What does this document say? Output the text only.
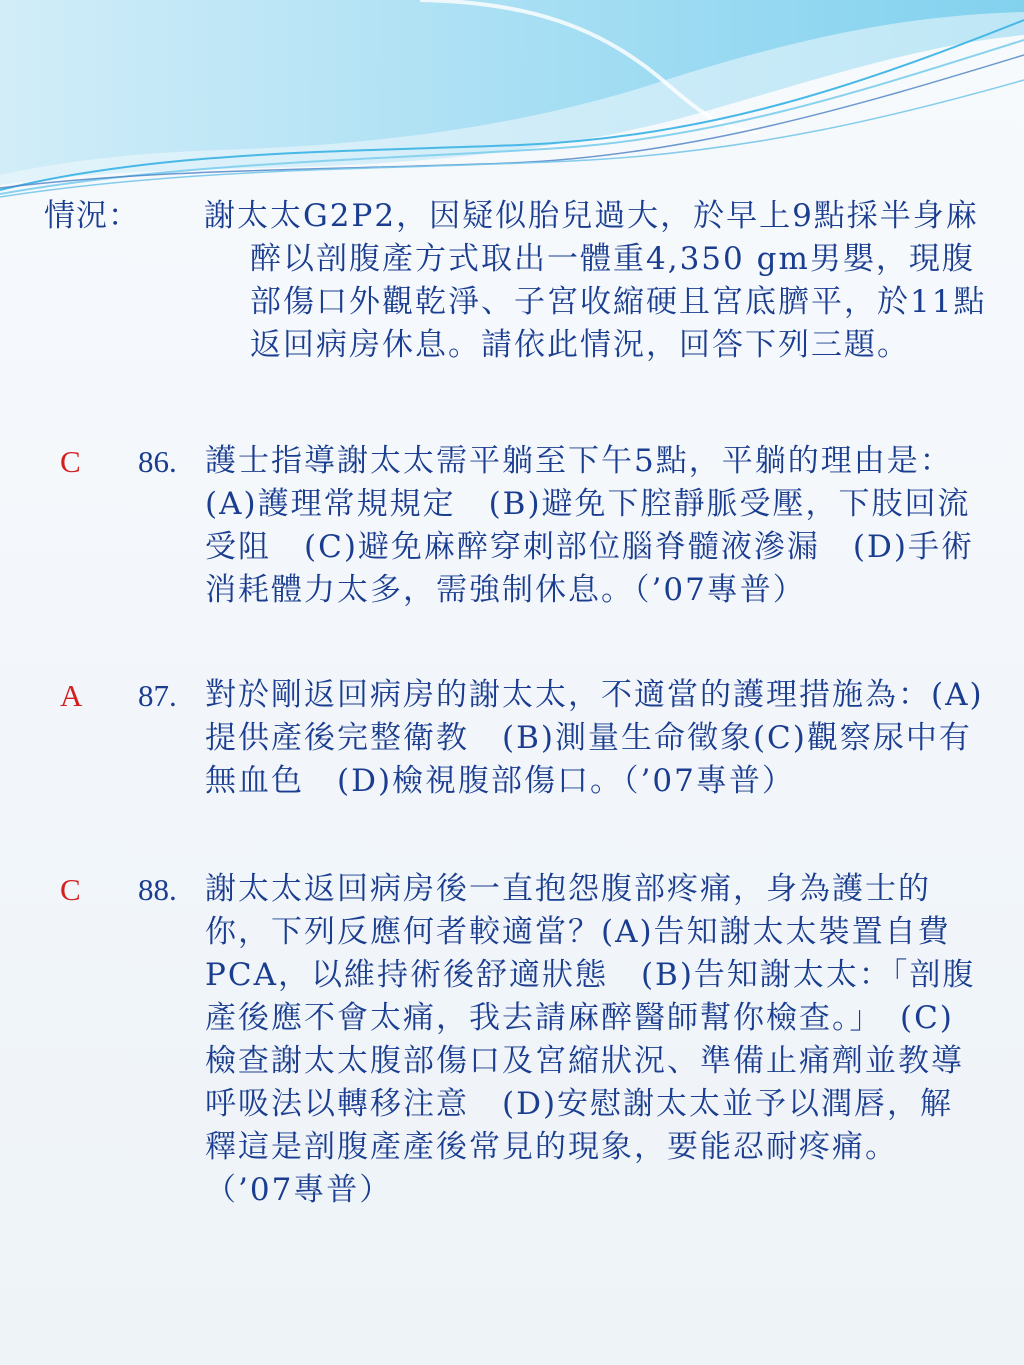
情況：	謝太太G2P2，因疑似胎兒過大，於早上9點採半身麻醉以剖腹產方式取出一體重4,350 gm男嬰，現腹部傷口外觀乾淨、子宮收縮硬且宮底臍平，於11點返回病房休息。請依此情況，回答下列三題。
C	86. 護士指導謝太太需平躺至下午5點，平躺的理由是：(A)護理常規規定　(B)避免下腔靜脈受壓，下肢回流受阻　(C)避免麻醉穿刺部位腦脊髓液滲漏　(D)手術消耗體力太多，需強制休息。（’07專普）
A	87. 對於剛返回病房的謝太太，不適當的護理措施為：(A)提供產後完整衛教　(B)測量生命徵象(C)觀察尿中有無血色　(D)檢視腹部傷口。（’07專普）
C	88. 謝太太返回病房後一直抱怨腹部疼痛，身為護士的你，下列反應何者較適當？(A)告知謝太太裝置自費PCA，以維持術後舒適狀態　(B)告知謝太太：「剖腹產後應不會太痛，我去請麻醉醫師幫你檢查。」　(C)檢查謝太太腹部傷口及宮縮狀況、準備止痛劑並教導呼吸法以轉移注意　(D)安慰謝太太並予以潤唇，解釋這是剖腹產產後常見的現象，要能忍耐疼痛。　　（’07專普）
